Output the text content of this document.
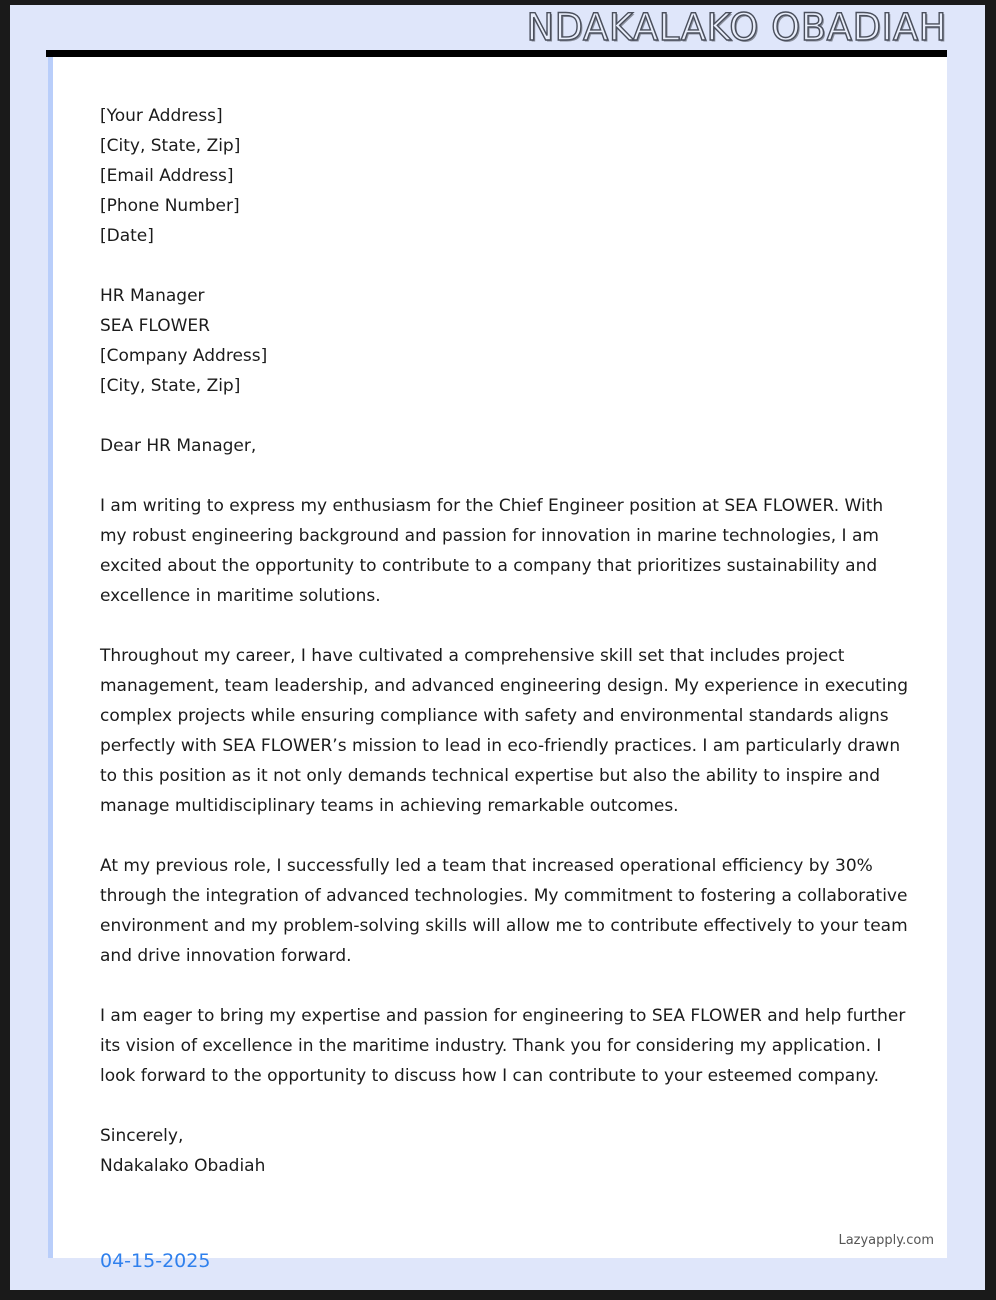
NDAKALAKO OBADIAH
[Your Address]
[City, State, Zip]
[Email Address]
[Phone Number]
[Date]
HR Manager
SEA FLOWER
[Company Address]
[City, State, Zip]
Dear HR Manager,

I am writing to express my enthusiasm for the Chief Engineer position at SEA FLOWER. With my robust engineering background and passion for innovation in marine technologies, I am excited about the opportunity to contribute to a company that prioritizes sustainability and excellence in maritime solutions.

Throughout my career, I have cultivated a comprehensive skill set that includes project management, team leadership, and advanced engineering design. My experience in executing complex projects while ensuring compliance with safety and environmental standards aligns perfectly with SEA FLOWER’s mission to lead in eco-friendly practices. I am particularly drawn to this position as it not only demands technical expertise but also the ability to inspire and manage multidisciplinary teams in achieving remarkable outcomes.

At my previous role, I successfully led a team that increased operational efficiency by 30% through the integration of advanced technologies. My commitment to fostering a collaborative environment and my problem-solving skills will allow me to contribute effectively to your team and drive innovation forward.

I am eager to bring my expertise and passion for engineering to SEA FLOWER and help further its vision of excellence in the maritime industry. Thank you for considering my application. I look forward to the opportunity to discuss how I can contribute to your esteemed company.

Sincerely,
Ndakalako Obadiah
Lazyapply.com
04-15-2025
